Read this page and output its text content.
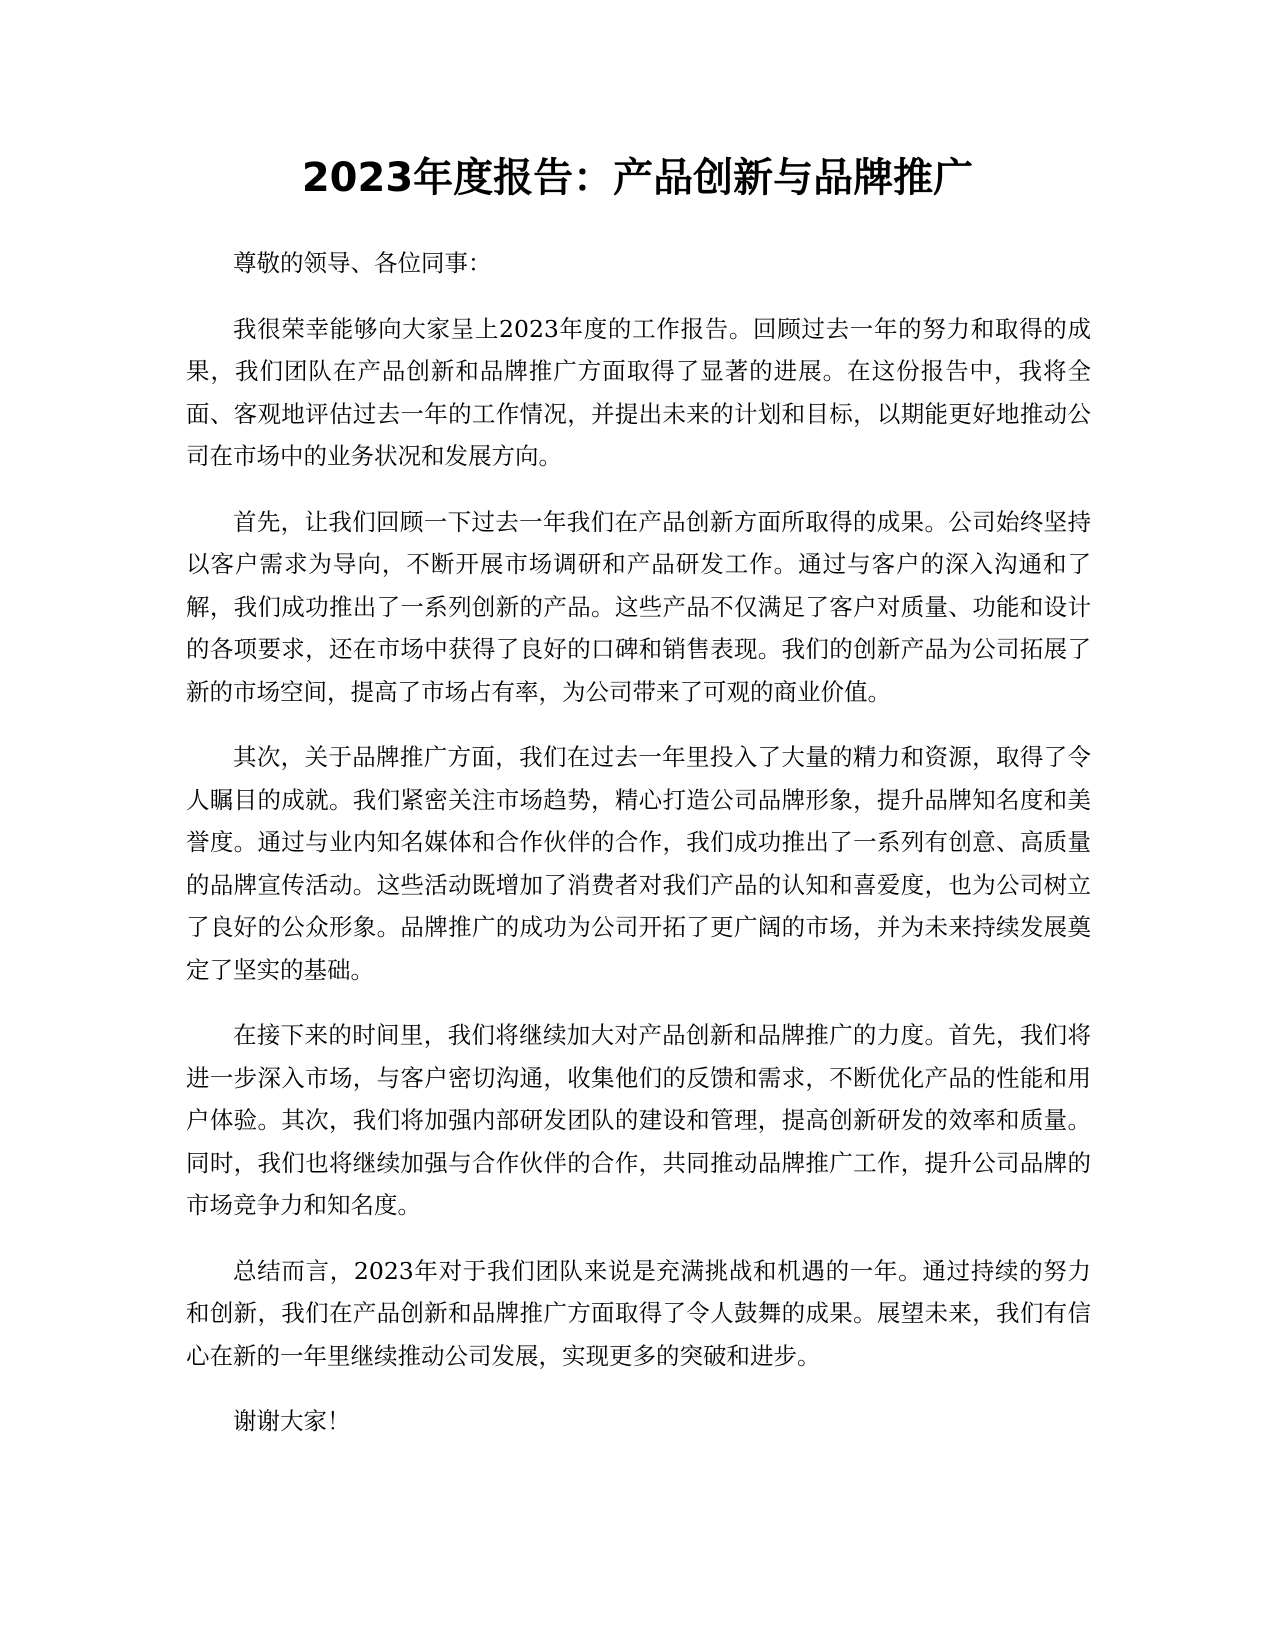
2023年度报告：产品创新与品牌推广

尊敬的领导、各位同事：

我很荣幸能够向大家呈上2023年度的工作报告。回顾过去一年的努力和取得的成果，我们团队在产品创新和品牌推广方面取得了显著的进展。在这份报告中，我将全面、客观地评估过去一年的工作情况，并提出未来的计划和目标，以期能更好地推动公司在市场中的业务状况和发展方向。

首先，让我们回顾一下过去一年我们在产品创新方面所取得的成果。公司始终坚持以客户需求为导向，不断开展市场调研和产品研发工作。通过与客户的深入沟通和了解，我们成功推出了一系列创新的产品。这些产品不仅满足了客户对质量、功能和设计的各项要求，还在市场中获得了良好的口碑和销售表现。我们的创新产品为公司拓展了新的市场空间，提高了市场占有率，为公司带来了可观的商业价值。

其次，关于品牌推广方面，我们在过去一年里投入了大量的精力和资源，取得了令人瞩目的成就。我们紧密关注市场趋势，精心打造公司品牌形象，提升品牌知名度和美誉度。通过与业内知名媒体和合作伙伴的合作，我们成功推出了一系列有创意、高质量的品牌宣传活动。这些活动既增加了消费者对我们产品的认知和喜爱度，也为公司树立了良好的公众形象。品牌推广的成功为公司开拓了更广阔的市场，并为未来持续发展奠定了坚实的基础。

在接下来的时间里，我们将继续加大对产品创新和品牌推广的力度。首先，我们将进一步深入市场，与客户密切沟通，收集他们的反馈和需求，不断优化产品的性能和用户体验。其次，我们将加强内部研发团队的建设和管理，提高创新研发的效率和质量。同时，我们也将继续加强与合作伙伴的合作，共同推动品牌推广工作，提升公司品牌的市场竞争力和知名度。

总结而言，2023年对于我们团队来说是充满挑战和机遇的一年。通过持续的努力和创新，我们在产品创新和品牌推广方面取得了令人鼓舞的成果。展望未来，我们有信心在新的一年里继续推动公司发展，实现更多的突破和进步。

谢谢大家！
